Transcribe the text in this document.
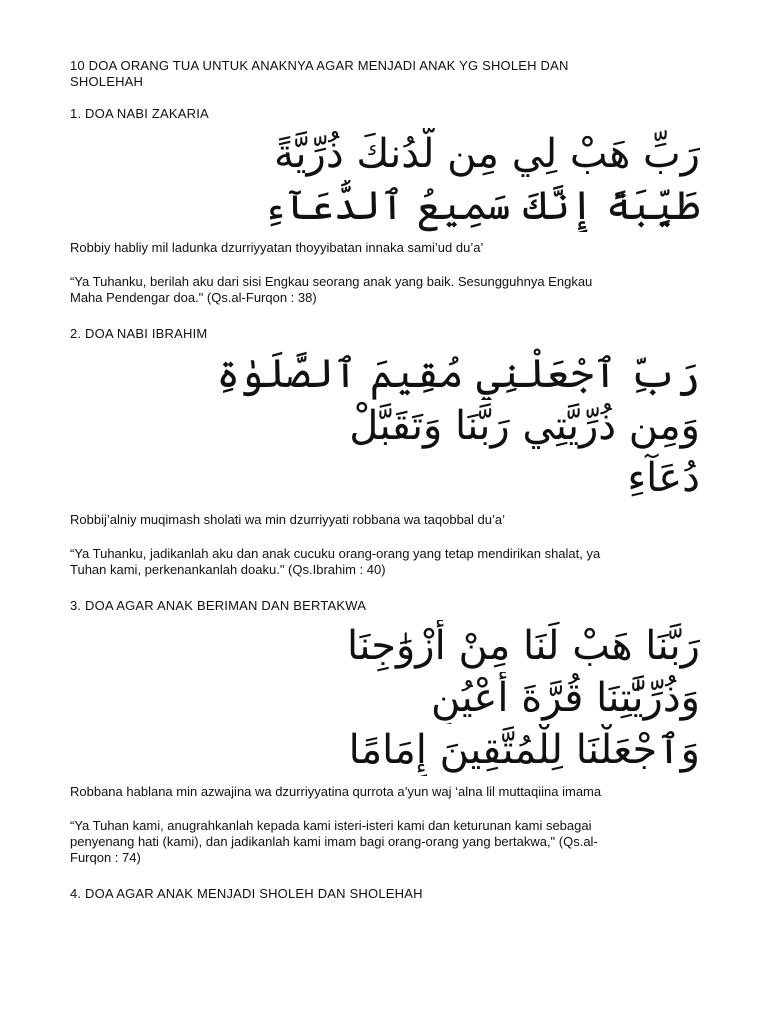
10 DOA ORANG TUA UNTUK ANAKNYA AGAR MENJADI ANAK YG SHOLEH DAN
SHOLEHAH
1. DOA NABI ZAKARIA
رَبِّ هَبْ لِي مِن لَّدُنكَ ذُرِّيَّةً
طَيِّبَةً إِنَّكَ سَمِيعُ ٱلدُّعَآءِ
Robbiy habliy mil ladunka dzurriyyatan thoyyibatan innaka sami’ud du’a’
“Ya Tuhanku, berilah aku dari sisi Engkau seorang anak yang baik. Sesungguhnya Engkau
Maha Pendengar doa." (Qs.al-Furqon : 38)
2. DOA NABI IBRAHIM
رَبِّ ٱجْعَلْنِي مُقِيمَ ٱلصَّلَوٰةِ
وَمِن ذُرِّيَّتِي رَبَّنَا وَتَقَبَّلْ
دُعَآءِ
Robbij’alniy muqimash sholati wa min dzurriyyati robbana wa taqobbal du’a’
“Ya Tuhanku, jadikanlah aku dan anak cucuku orang-orang yang tetap mendirikan shalat, ya
Tuhan kami, perkenankanlah doaku." (Qs.Ibrahim : 40)
3. DOA AGAR ANAK BERIMAN DAN BERTAKWA
رَبَّنَا هَبْ لَنَا مِنْ أَزْوَٰجِنَا
وَذُرِّيَّٰتِنَا قُرَّةَ أَعْيُنٍ
وَٱجْعَلْنَا لِلْمُتَّقِينَ إِمَامًا
Robbana hablana min azwajina wa dzurriyyatina qurrota a’yun waj ‘alna lil muttaqiina imama
“Ya Tuhan kami, anugrahkanlah kepada kami isteri-isteri kami dan keturunan kami sebagai
penyenang hati (kami), dan jadikanlah kami imam bagi orang-orang yang bertakwa," (Qs.al-
Furqon : 74)
4. DOA AGAR ANAK MENJADI SHOLEH DAN SHOLEHAH
